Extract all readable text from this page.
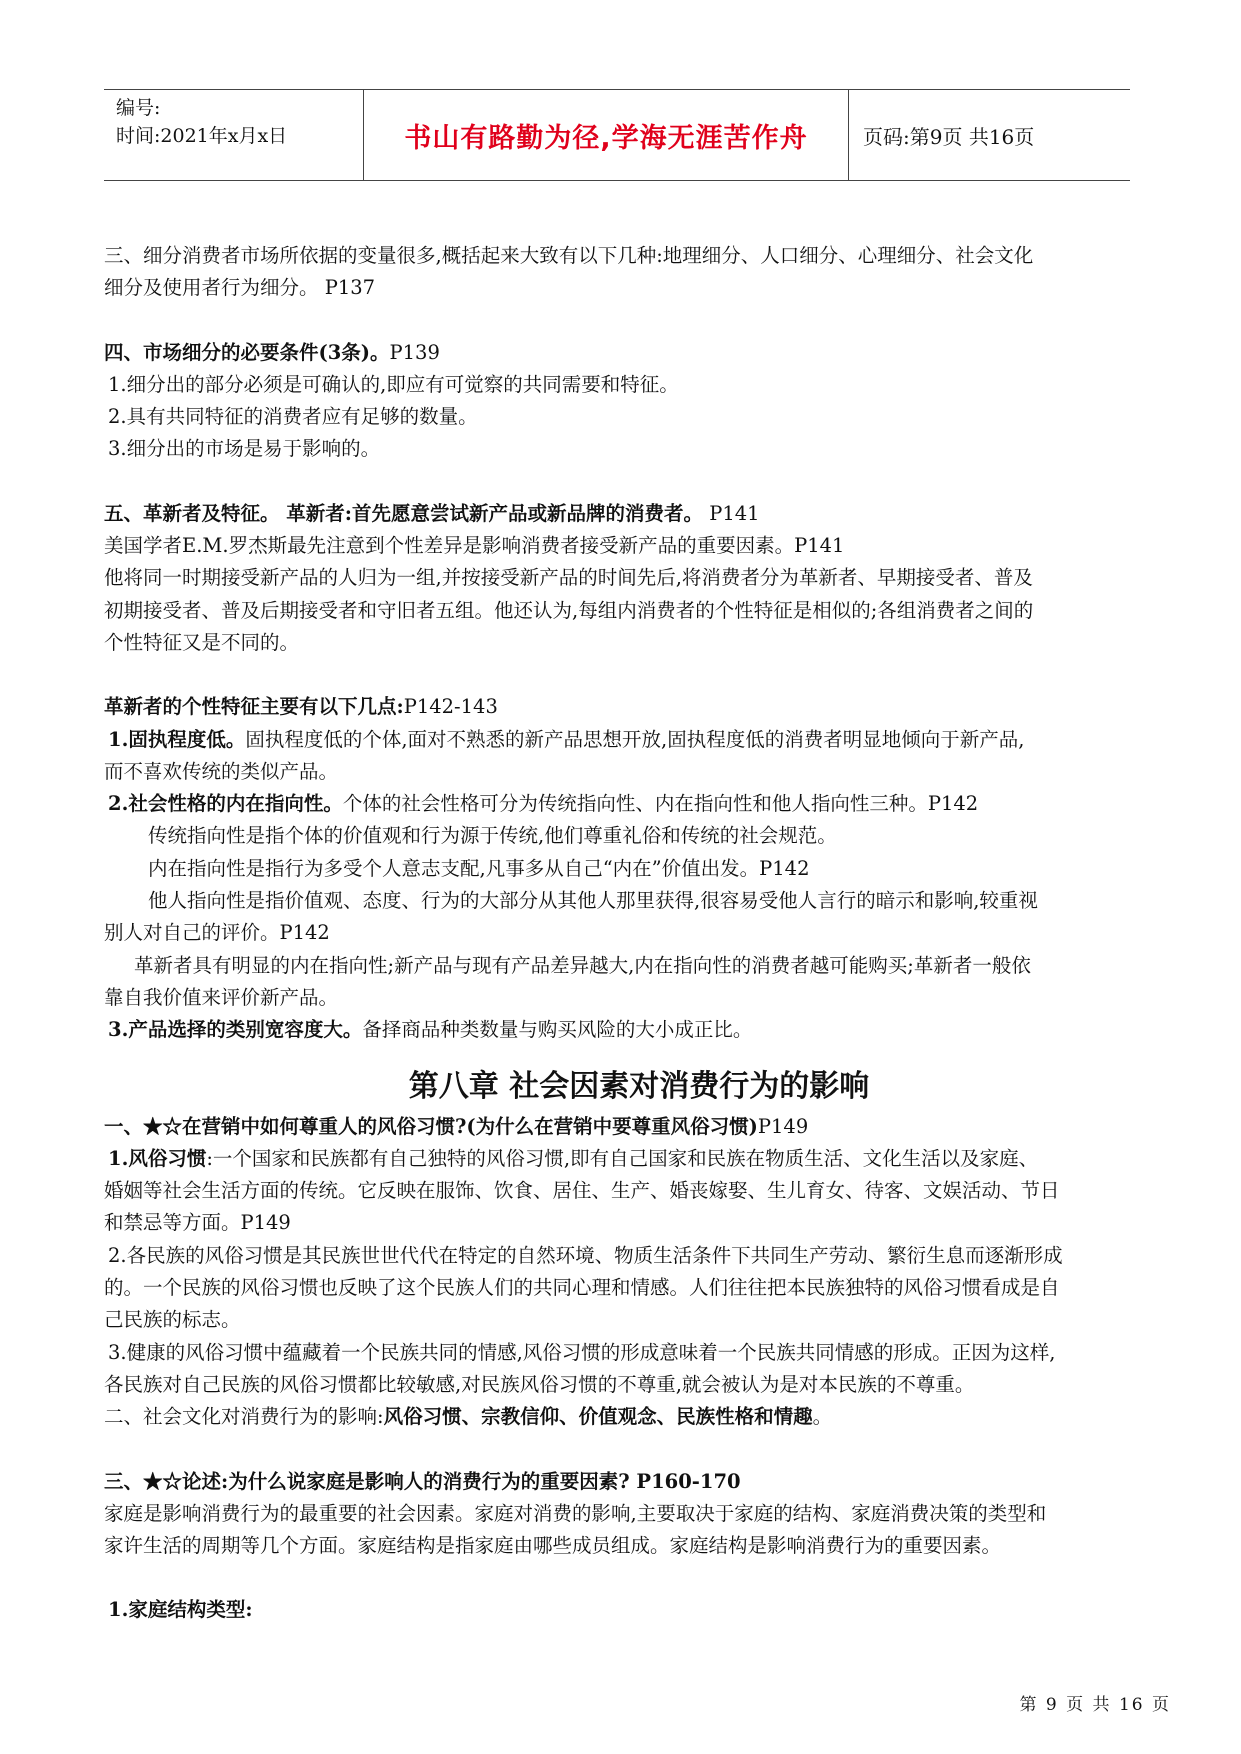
编号:
时间:2021年x月x日	书山有路勤为径,学海无涯苦作舟	页码:第9页 共16页

三、细分消费者市场所依据的变量很多,概括起来大致有以下几种:地理细分、人口细分、心理细分、社会文化

细分及使用者行为细分。 P137

四、市场细分的必要条件(3条)。P139

1.细分出的部分必须是可确认的,即应有可觉察的共同需要和特征。

2.具有共同特征的消费者应有足够的数量。

3.细分出的市场是易于影响的。

五、革新者及特征。 革新者:首先愿意尝试新产品或新品牌的消费者。 P141

美国学者E.M.罗杰斯最先注意到个性差异是影响消费者接受新产品的重要因素。P141

他将同一时期接受新产品的人归为一组,并按接受新产品的时间先后,将消费者分为革新者、早期接受者、普及

初期接受者、普及后期接受者和守旧者五组。他还认为,每组内消费者的个性特征是相似的;各组消费者之间的

个性特征又是不同的。

革新者的个性特征主要有以下几点:P142-143

1.固执程度低。固执程度低的个体,面对不熟悉的新产品思想开放,固执程度低的消费者明显地倾向于新产品,

而不喜欢传统的类似产品。

2.社会性格的内在指向性。个体的社会性格可分为传统指向性、内在指向性和他人指向性三种。P142

传统指向性是指个体的价值观和行为源于传统,他们尊重礼俗和传统的社会规范。

内在指向性是指行为多受个人意志支配,凡事多从自己“内在”价值出发。P142

他人指向性是指价值观、态度、行为的大部分从其他人那里获得,很容易受他人言行的暗示和影响,较重视

别人对自己的评价。P142

革新者具有明显的内在指向性;新产品与现有产品差异越大,内在指向性的消费者越可能购买;革新者一般依

靠自我价值来评价新产品。

3.产品选择的类别宽容度大。备择商品种类数量与购买风险的大小成正比。

第八章 社会因素对消费行为的影响

一、★☆在营销中如何尊重人的风俗习惯?(为什么在营销中要尊重风俗习惯)P149

1.风俗习惯:一个国家和民族都有自己独特的风俗习惯,即有自己国家和民族在物质生活、文化生活以及家庭、

婚姻等社会生活方面的传统。它反映在服饰、饮食、居住、生产、婚丧嫁娶、生儿育女、待客、文娱活动、节日

和禁忌等方面。P149

2.各民族的风俗习惯是其民族世世代代在特定的自然环境、物质生活条件下共同生产劳动、繁衍生息而逐渐形成

的。一个民族的风俗习惯也反映了这个民族人们的共同心理和情感。人们往往把本民族独特的风俗习惯看成是自

己民族的标志。

3.健康的风俗习惯中蕴藏着一个民族共同的情感,风俗习惯的形成意味着一个民族共同情感的形成。正因为这样,

各民族对自己民族的风俗习惯都比较敏感,对民族风俗习惯的不尊重,就会被认为是对本民族的不尊重。

二、社会文化对消费行为的影响:风俗习惯、宗教信仰、价值观念、民族性格和情趣。

三、★☆论述:为什么说家庭是影响人的消费行为的重要因素? P160-170

家庭是影响消费行为的最重要的社会因素。家庭对消费的影响,主要取决于家庭的结构、家庭消费决策的类型和

家许生活的周期等几个方面。家庭结构是指家庭由哪些成员组成。家庭结构是影响消费行为的重要因素。

1.家庭结构类型:

第 9 页 共 16 页
